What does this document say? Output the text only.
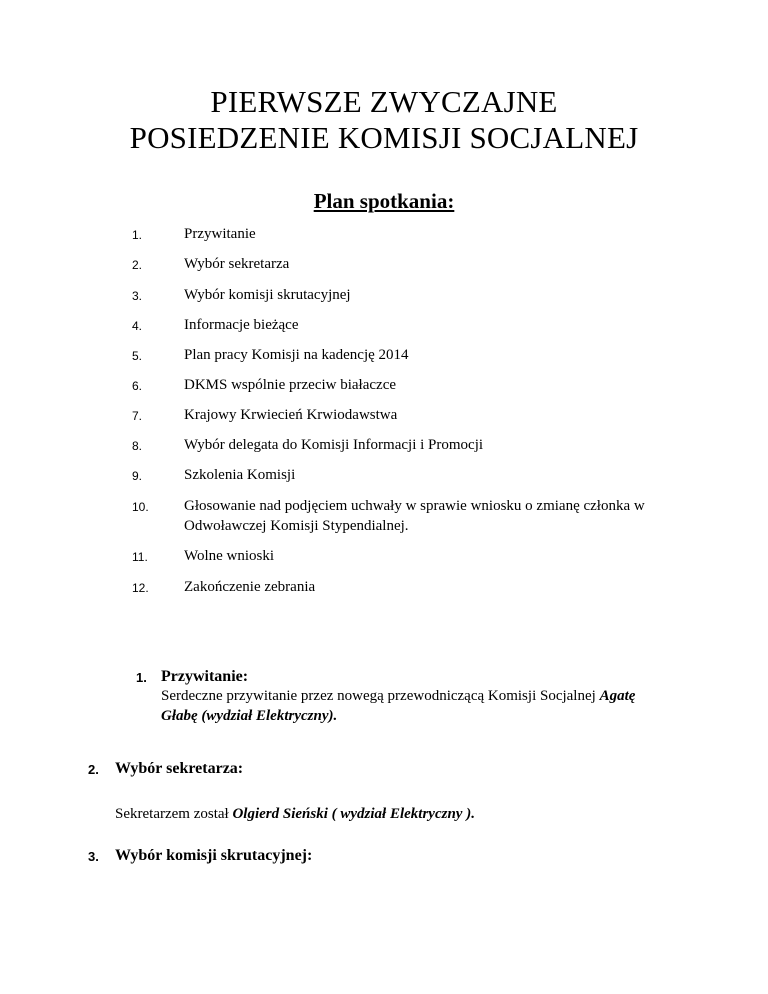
PIERWSZE ZWYCZAJNE
POSIEDZENIE KOMISJI SOCJALNEJ
Plan spotkania:
1.	Przywitanie
2.	Wybór sekretarza
3.	Wybór komisji skrutacyjnej
4.	Informacje bieżące
5.	Plan pracy Komisji na kadencję 2014
6.	DKMS wspólnie przeciw białaczce
7.	Krajowy Krwiecień Krwiodawstwa
8.	Wybór delegata do Komisji Informacji i Promocji
9.	Szkolenia Komisji
10. Głosowanie nad podjęciem uchwały w sprawie wniosku o zmianę członka w
Odwoławczej Komisji Stypendialnej.
11. Wolne wnioski
12. Zakończenie zebrania
1. Przywitanie:
Serdeczne przywitanie przez nowegą przewodniczącą Komisji Socjalnej Agatę
Głabę (wydział Elektryczny).
2. Wybór sekretarza:
Sekretarzem został Olgierd Sieński ( wydział Elektryczny ).
3. Wybór komisji skrutacyjnej:
